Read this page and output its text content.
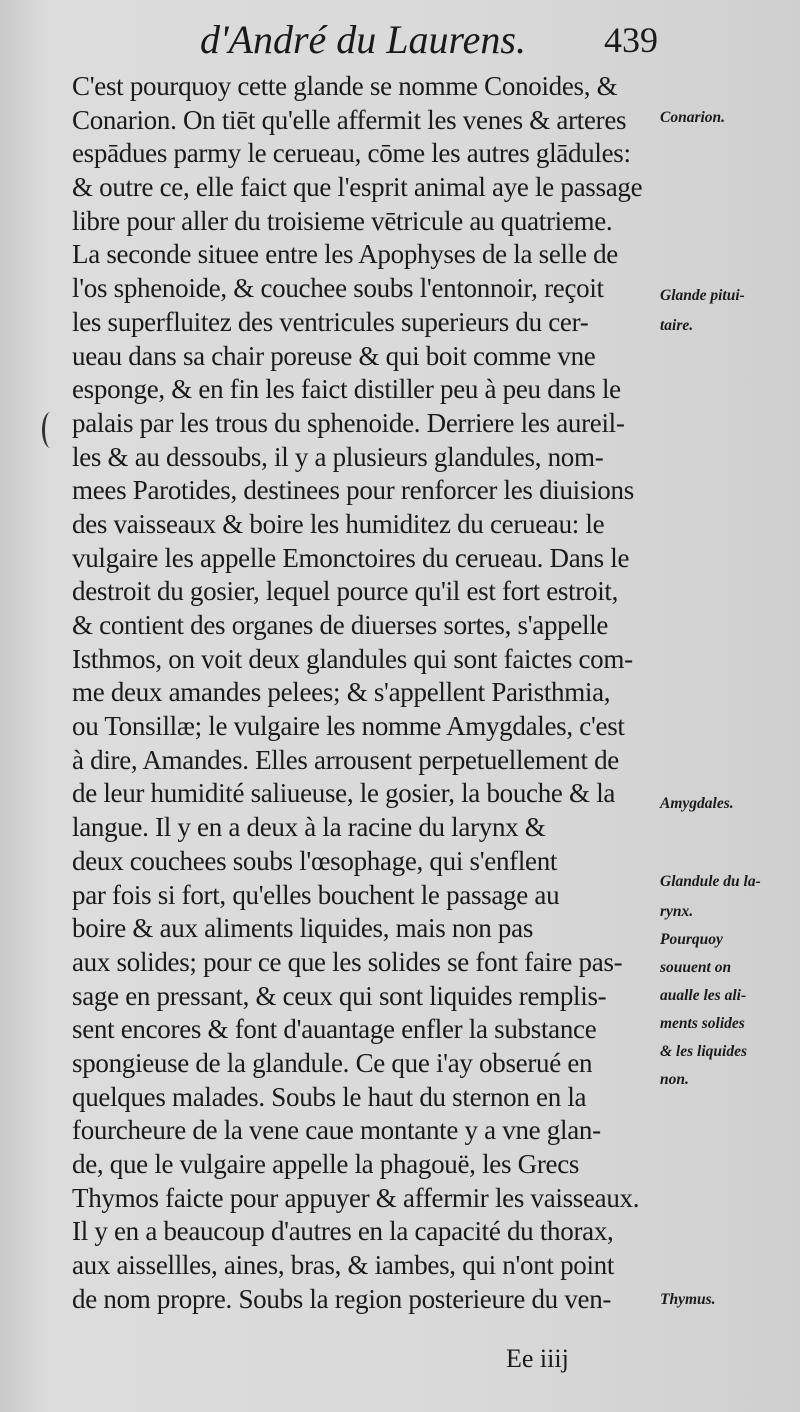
d'André du Laurens. 439
C'est pourquoy cette glande se nomme Conoides, &
Conarion. On tiēt qu'elle affermit les venes & arteres
espādues parmy le cerueau, cōme les autres glādules:
& outre ce, elle faict que l'esprit animal aye le passage
libre pour aller du troisieme vētricule au quatrieme.
La seconde situee entre les Apophyses de la selle de
l'os sphenoide, & couchee soubs l'entonnoir, reçoit
les superfluitez des ventricules superieurs du cer-
ueau dans sa chair poreuse & qui boit comme vne
esponge, & en fin les faict distiller peu à peu dans le
palais par les trous du sphenoide. Derriere les aureil-
les & au dessoubs, il y a plusieurs glandules, nom-
mees Parotides, destinees pour renforcer les diuisions
des vaisseaux & boire les humiditez du cerueau: le
vulgaire les appelle Emonctoires du cerueau. Dans le
destroit du gosier, lequel pource qu'il est fort estroit,
& contient des organes de diuerses sortes, s'appelle
Isthmos, on voit deux glandules qui sont faictes com-
me deux amandes pelees; & s'appellent Paristhmia,
ou Tonsillæ; le vulgaire les nomme Amygdales, c'est
à dire, Amandes. Elles arrousent perpetuellement de
de leur humidité saliueuse, le gosier, la bouche & la
langue. Il y en a deux à la racine du larynx &
deux couchees soubs l'œsophage, qui s'enflent
par fois si fort, qu'elles bouchent le passage au
boire & aux aliments liquides, mais non pas
aux solides; pour ce que les solides se font faire pas-
sage en pressant, & ceux qui sont liquides remplis-
sent encores & font d'auantage enfler la substance
spongieuse de la glandule. Ce que i'ay obserué en
quelques malades. Soubs le haut du sternon en la
fourcheure de la vene caue montante y a vne glan-
de, que le vulgaire appelle la phagouë, les Grecs
Thymos faicte pour appuyer & affermir les vaisseaux.
Il y en a beaucoup d'autres en la capacité du thorax,
aux aissellles, aines, bras, & iambes, qui n'ont point
de nom propre. Soubs la region posterieure du ven-
Conarion.
Glande pitui-
taire.
Amygdales.
Glandule du la-
rynx.
Pourquoy
souuent on
aualle les ali-
ments solides
& les liquides
non.
Thymus.
Ee iiij
